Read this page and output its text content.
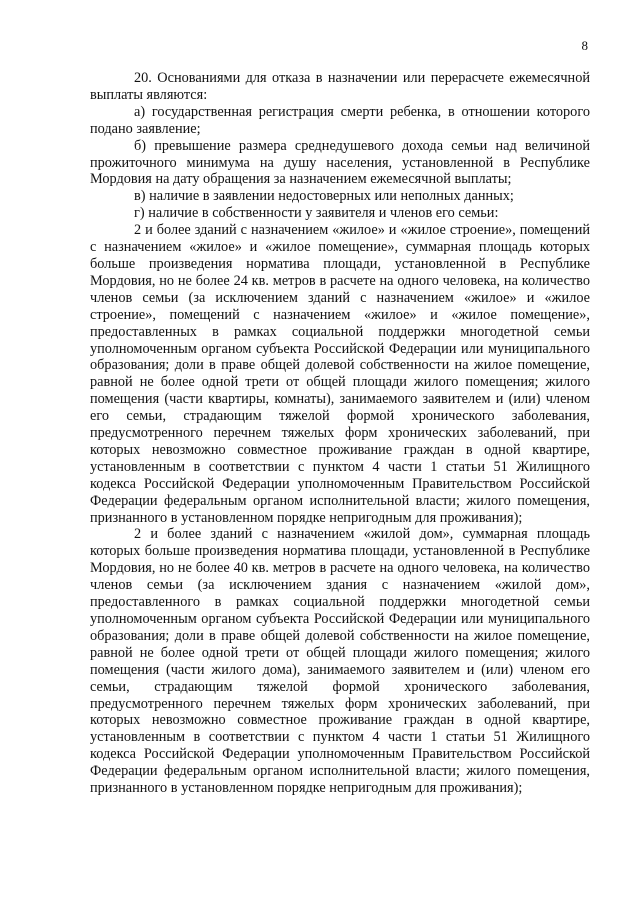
8

20. Основаниями для отказа в назначении или перерасчете ежемесячной выплаты являются:

а) государственная регистрация смерти ребенка, в отношении которого подано заявление;

б) превышение размера среднедушевого дохода семьи над величиной прожиточного минимума на душу населения, установленной в Республике Мордовия на дату обращения за назначением ежемесячной выплаты;

в) наличие в заявлении недостоверных или неполных данных;

г) наличие в собственности у заявителя и членов его семьи:

2 и более зданий с назначением «жилое» и «жилое строение», помещений с назначением «жилое» и «жилое помещение», суммарная площадь которых больше произведения норматива площади, установленной в Республике Мордовия, но не более 24 кв. метров в расчете на одного человека, на количество членов семьи (за исключением зданий с назначением «жилое» и «жилое строение», помещений с назначением «жилое» и «жилое помещение», предоставленных в рамках социальной поддержки многодетной семьи уполномоченным органом субъекта Российской Федерации или муниципального образования; доли в праве общей долевой собственности на жилое помещение, равной не более одной трети от общей площади жилого помещения; жилого помещения (части квартиры, комнаты), занимаемого заявителем и (или) членом его семьи, страдающим тяжелой формой хронического заболевания, предусмотренного перечнем тяжелых форм хронических заболеваний, при которых невозможно совместное проживание граждан в одной квартире, установленным в соответствии с пунктом 4 части 1 статьи 51 Жилищного кодекса Российской Федерации уполномоченным Правительством Российской Федерации федеральным органом исполнительной власти; жилого помещения, признанного в установленном порядке непригодным для проживания);

2 и более зданий с назначением «жилой дом», суммарная площадь которых больше произведения норматива площади, установленной в Республике Мордовия, но не более 40 кв. метров в расчете на одного человека, на количество членов семьи (за исключением здания с назначением «жилой дом», предоставленного в рамках социальной поддержки многодетной семьи уполномоченным органом субъекта Российской Федерации или муниципального образования; доли в праве общей долевой собственности на жилое помещение, равной не более одной трети от общей площади жилого помещения; жилого помещения (части жилого дома), занимаемого заявителем и (или) членом его семьи, страдающим тяжелой формой хронического заболевания, предусмотренного перечнем тяжелых форм хронических заболеваний, при которых невозможно совместное проживание граждан в одной квартире, установленным в соответствии с пунктом 4 части 1 статьи 51 Жилищного кодекса Российской Федерации уполномоченным Правительством Российской Федерации федеральным органом исполнительной власти; жилого помещения, признанного в установленном порядке непригодным для проживания);
